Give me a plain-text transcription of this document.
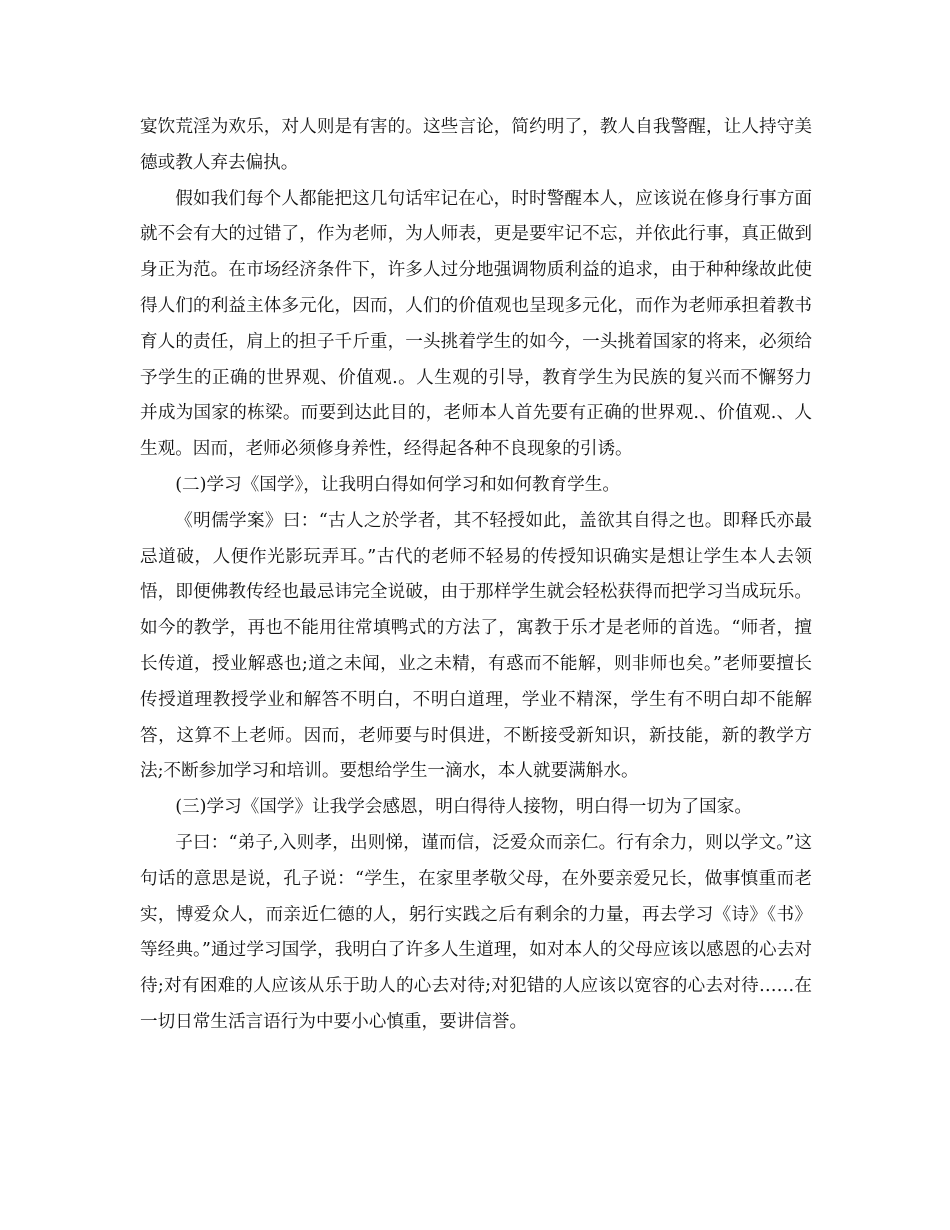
宴饮荒淫为欢乐，对人则是有害的。这些言论，简约明了，教人自我警醒，让人持守美德或教人弃去偏执。

假如我们每个人都能把这几句话牢记在心，时时警醒本人，应该说在修身行事方面就不会有大的过错了，作为老师，为人师表，更是要牢记不忘，并依此行事，真正做到身正为范。在市场经济条件下，许多人过分地强调物质利益的追求，由于种种缘故此使得人们的利益主体多元化，因而，人们的价值观也呈现多元化，而作为老师承担着教书育人的责任，肩上的担子千斤重，一头挑着学生的如今，一头挑着国家的将来，必须给予学生的正确的世界观、价值观.。人生观的引导，教育学生为民族的复兴而不懈努力并成为国家的栋梁。而要到达此目的，老师本人首先要有正确的世界观.、价值观.、人生观。因而，老师必须修身养性，经得起各种不良现象的引诱。

(二)学习《国学》，让我明白得如何学习和如何教育学生。

《明儒学案》曰：“古人之於学者，其不轻授如此，盖欲其自得之也。即释氏亦最忌道破，人便作光影玩弄耳。”古代的老师不轻易的传授知识确实是想让学生本人去领悟，即便佛教传经也最忌讳完全说破，由于那样学生就会轻松获得而把学习当成玩乐。如今的教学，再也不能用往常填鸭式的方法了，寓教于乐才是老师的首选。“师者，擅长传道，授业解惑也;道之未闻，业之未精，有惑而不能解，则非师也矣。”老师要擅长传授道理教授学业和解答不明白，不明白道理，学业不精深，学生有不明白却不能解答，这算不上老师。因而，老师要与时俱进，不断接受新知识，新技能，新的教学方法;不断参加学习和培训。要想给学生一滴水，本人就要满斛水。

(三)学习《国学》让我学会感恩，明白得待人接物，明白得一切为了国家。

子曰：“弟子,入则孝，出则悌，谨而信，泛爱众而亲仁。行有余力，则以学文。”这句话的意思是说，孔子说：“学生，在家里孝敬父母，在外要亲爱兄长，做事慎重而老实，博爱众人，而亲近仁德的人，躬行实践之后有剩余的力量，再去学习《诗》《书》等经典。”通过学习国学，我明白了许多人生道理，如对本人的父母应该以感恩的心去对待;对有困难的人应该从乐于助人的心去对待;对犯错的人应该以宽容的心去对待……在一切日常生活言语行为中要小心慎重，要讲信誉。
